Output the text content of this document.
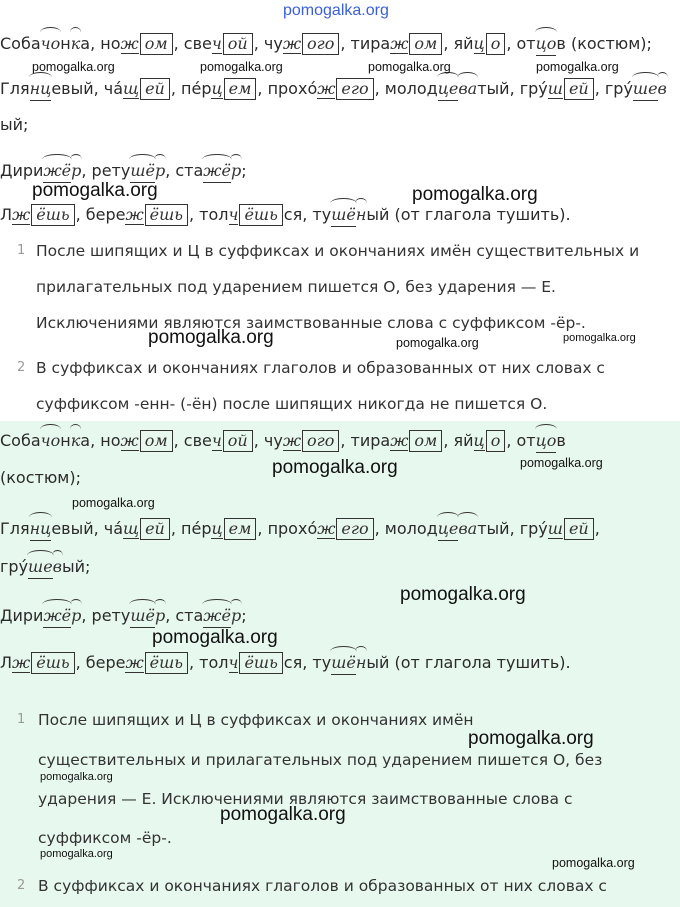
pomogalka.org
Собачонка, нож ом , свеч ой , чуж ого , тираж ом , яйц о , отцов (костюм);
Глянцевый, ча́щ ей , пе́рц ем , прохо́ж его , молодцеватый, гру́ш ей , гру́шев
ый;
Дирижёр, ретушёр, стажёр;
Лж ёшь , береж ёшь , толч ёшь ся, тушёный (от глагола тушить).
1 После шипящих и Ц в суффиксах и окончаниях имён существительных и
прилагательных под ударением пишется О, без ударения — Е.
Исключениями являются заимствованные слова с суффиксом -ёр-.
2 В суффиксах и окончаниях глаголов и образованных от них словах с
суффиксом -енн- (-ён) после шипящих никогда не пишется О.
Собачонка, нож ом , свеч ой , чуж ого , тираж ом , яйц о , отцов
(костюм);
Глянцевый, ча́щ ей , пе́рц ем , прохо́ж его , молодцеватый, гру́ш ей ,
гру́шевый;
Дирижёр, ретушёр, стажёр;
Лж ёшь , береж ёшь , толч ёшь ся, тушёный (от глагола тушить).
1 После шипящих и Ц в суффиксах и окончаниях имён
существительных и прилагательных под ударением пишется О, без
ударения — Е. Исключениями являются заимствованные слова с
суффиксом -ёр-.
2 В суффиксах и окончаниях глаголов и образованных от них словах с
pomogalka.org	pomogalka.org	pomogalka.org	pomogalka.org
pomogalka.org	pomogalka.org
pomogalka.org	pomogalka.org	pomogalka.org
pomogalka.org	pomogalka.org
pomogalka.org
pomogalka.org
pomogalka.org
pomogalka.org
pomogalka.org
pomogalka.org
pomogalka.org
pomogalka.org
